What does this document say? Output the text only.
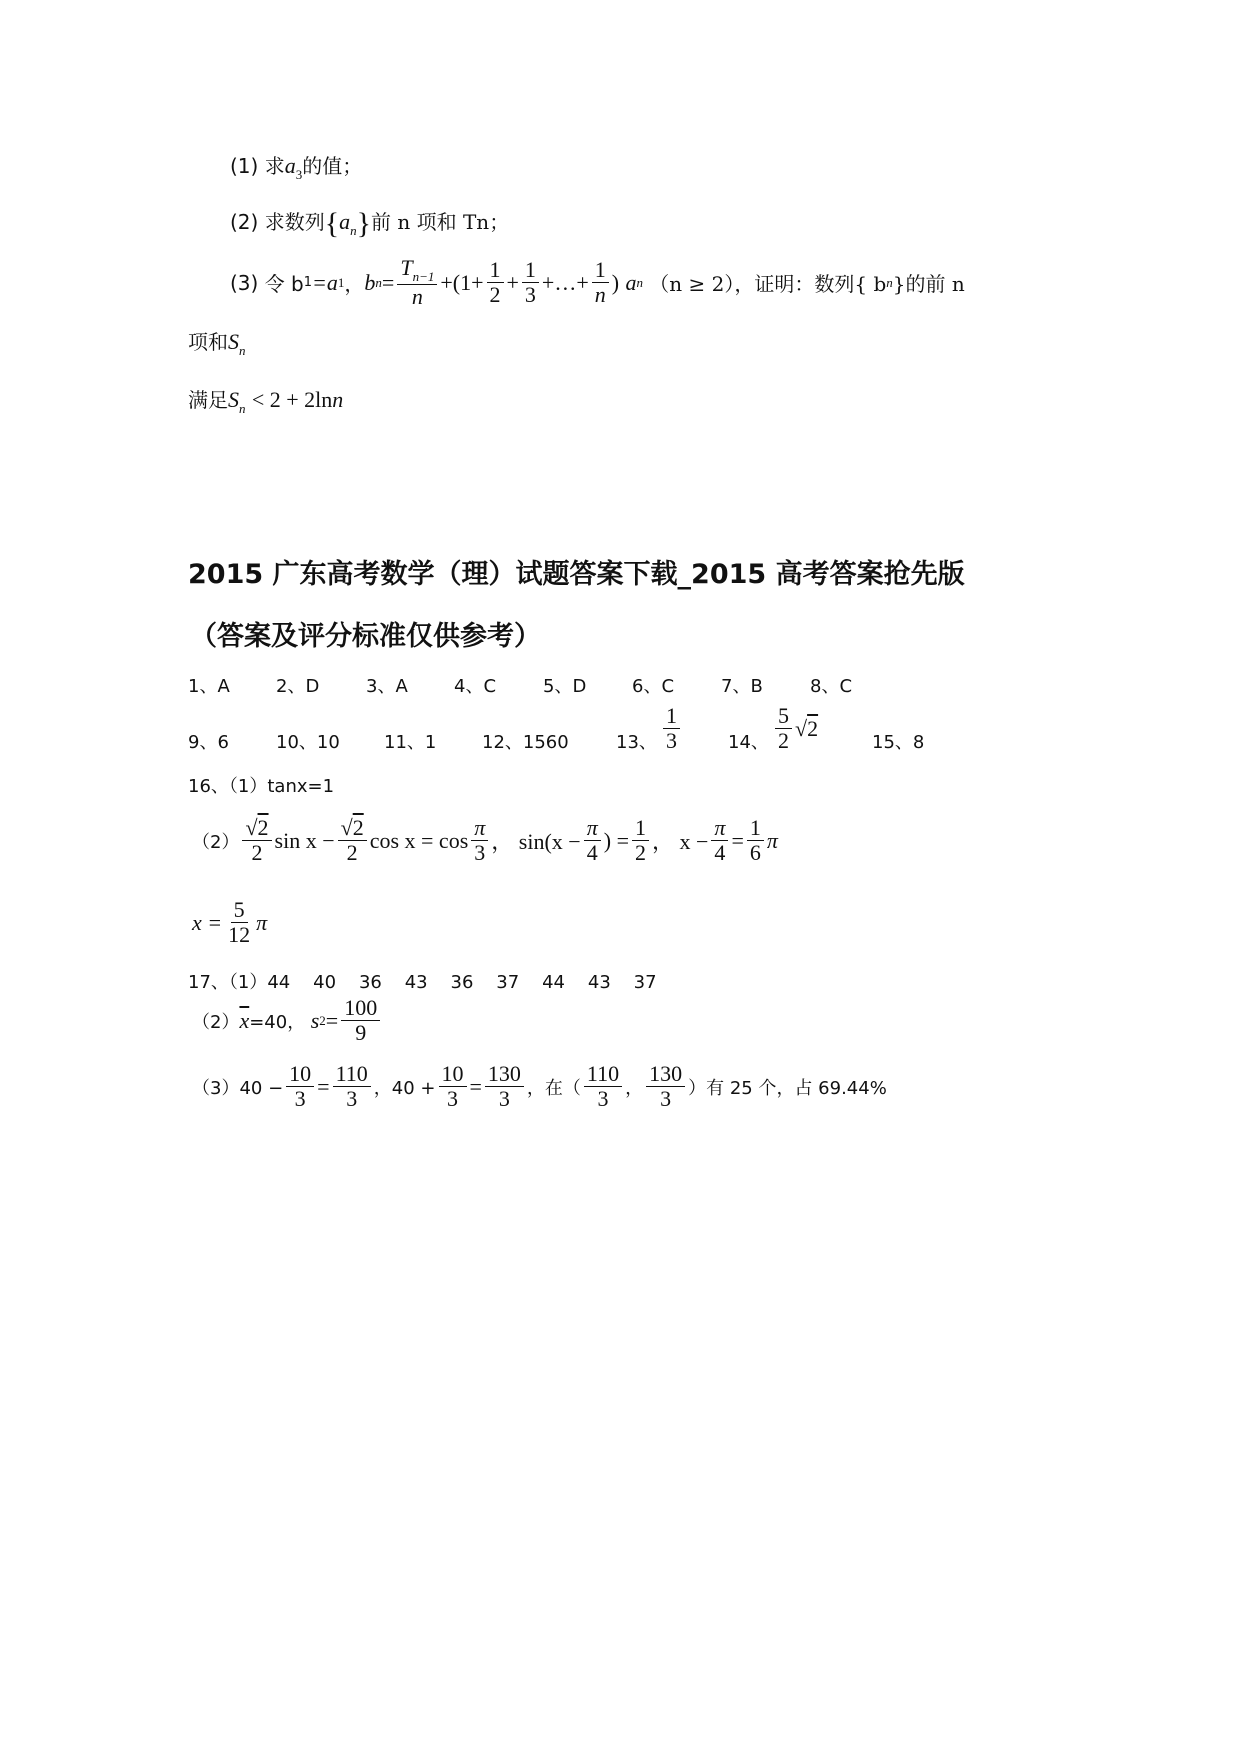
(1) 求$a_3$的值；
(2) 求数列$\{a_n\}$前 n 项和 Tn；
(3)
令 b 1 =a 1 ， b $n = \frac{T_{n-1}}{n} +(1+ \frac{1}{2} + \frac{1}{3}$ +…+ $\frac{1}{n}$ )
a n
（n ≥ 2），证明：数列{ b n }的前 n
项和$S_n$
满足$S_n < 2 + 2\ln n$
2015 广东高考数学（理）试题答案下载_2015 高考答案抢先版
（答案及评分标准仅供参考）
1、A	2、D	3、A	4、C	5、D	6、C	7、B	8、C
9、6	10、10 11、1	12、1560	13、	14、	15、8
$\frac{1}{3}$	$\frac{5}{2}$ √ 2
16、（1）tanx=1
$(2) \frac{√2}{2}$ $\sin x - \frac{√2}{2}$ $\cos x = \cos \frac{\pi}{3}$ ， $\sin(x - \frac{\pi}{4}$ ) = $\frac{1}{2}$ ， $x - \frac{\pi}{4} = \frac{1}{6}$ π
$x = \frac{5}{12}$ π
17、（1）44    40    36    43    36    37    44    43    37
（2） $\overline{x} =40$，
s $2 = \frac{100}{9}$
$(3)40 - \frac{10}{3} = \frac{110}{3}$ ，$40 + \frac{10}{3} = \frac{130}{3}$ ，在（ $\frac{110}{3}$ ， $\frac{130}{3}$ ）有 25 个，占 69.44%
